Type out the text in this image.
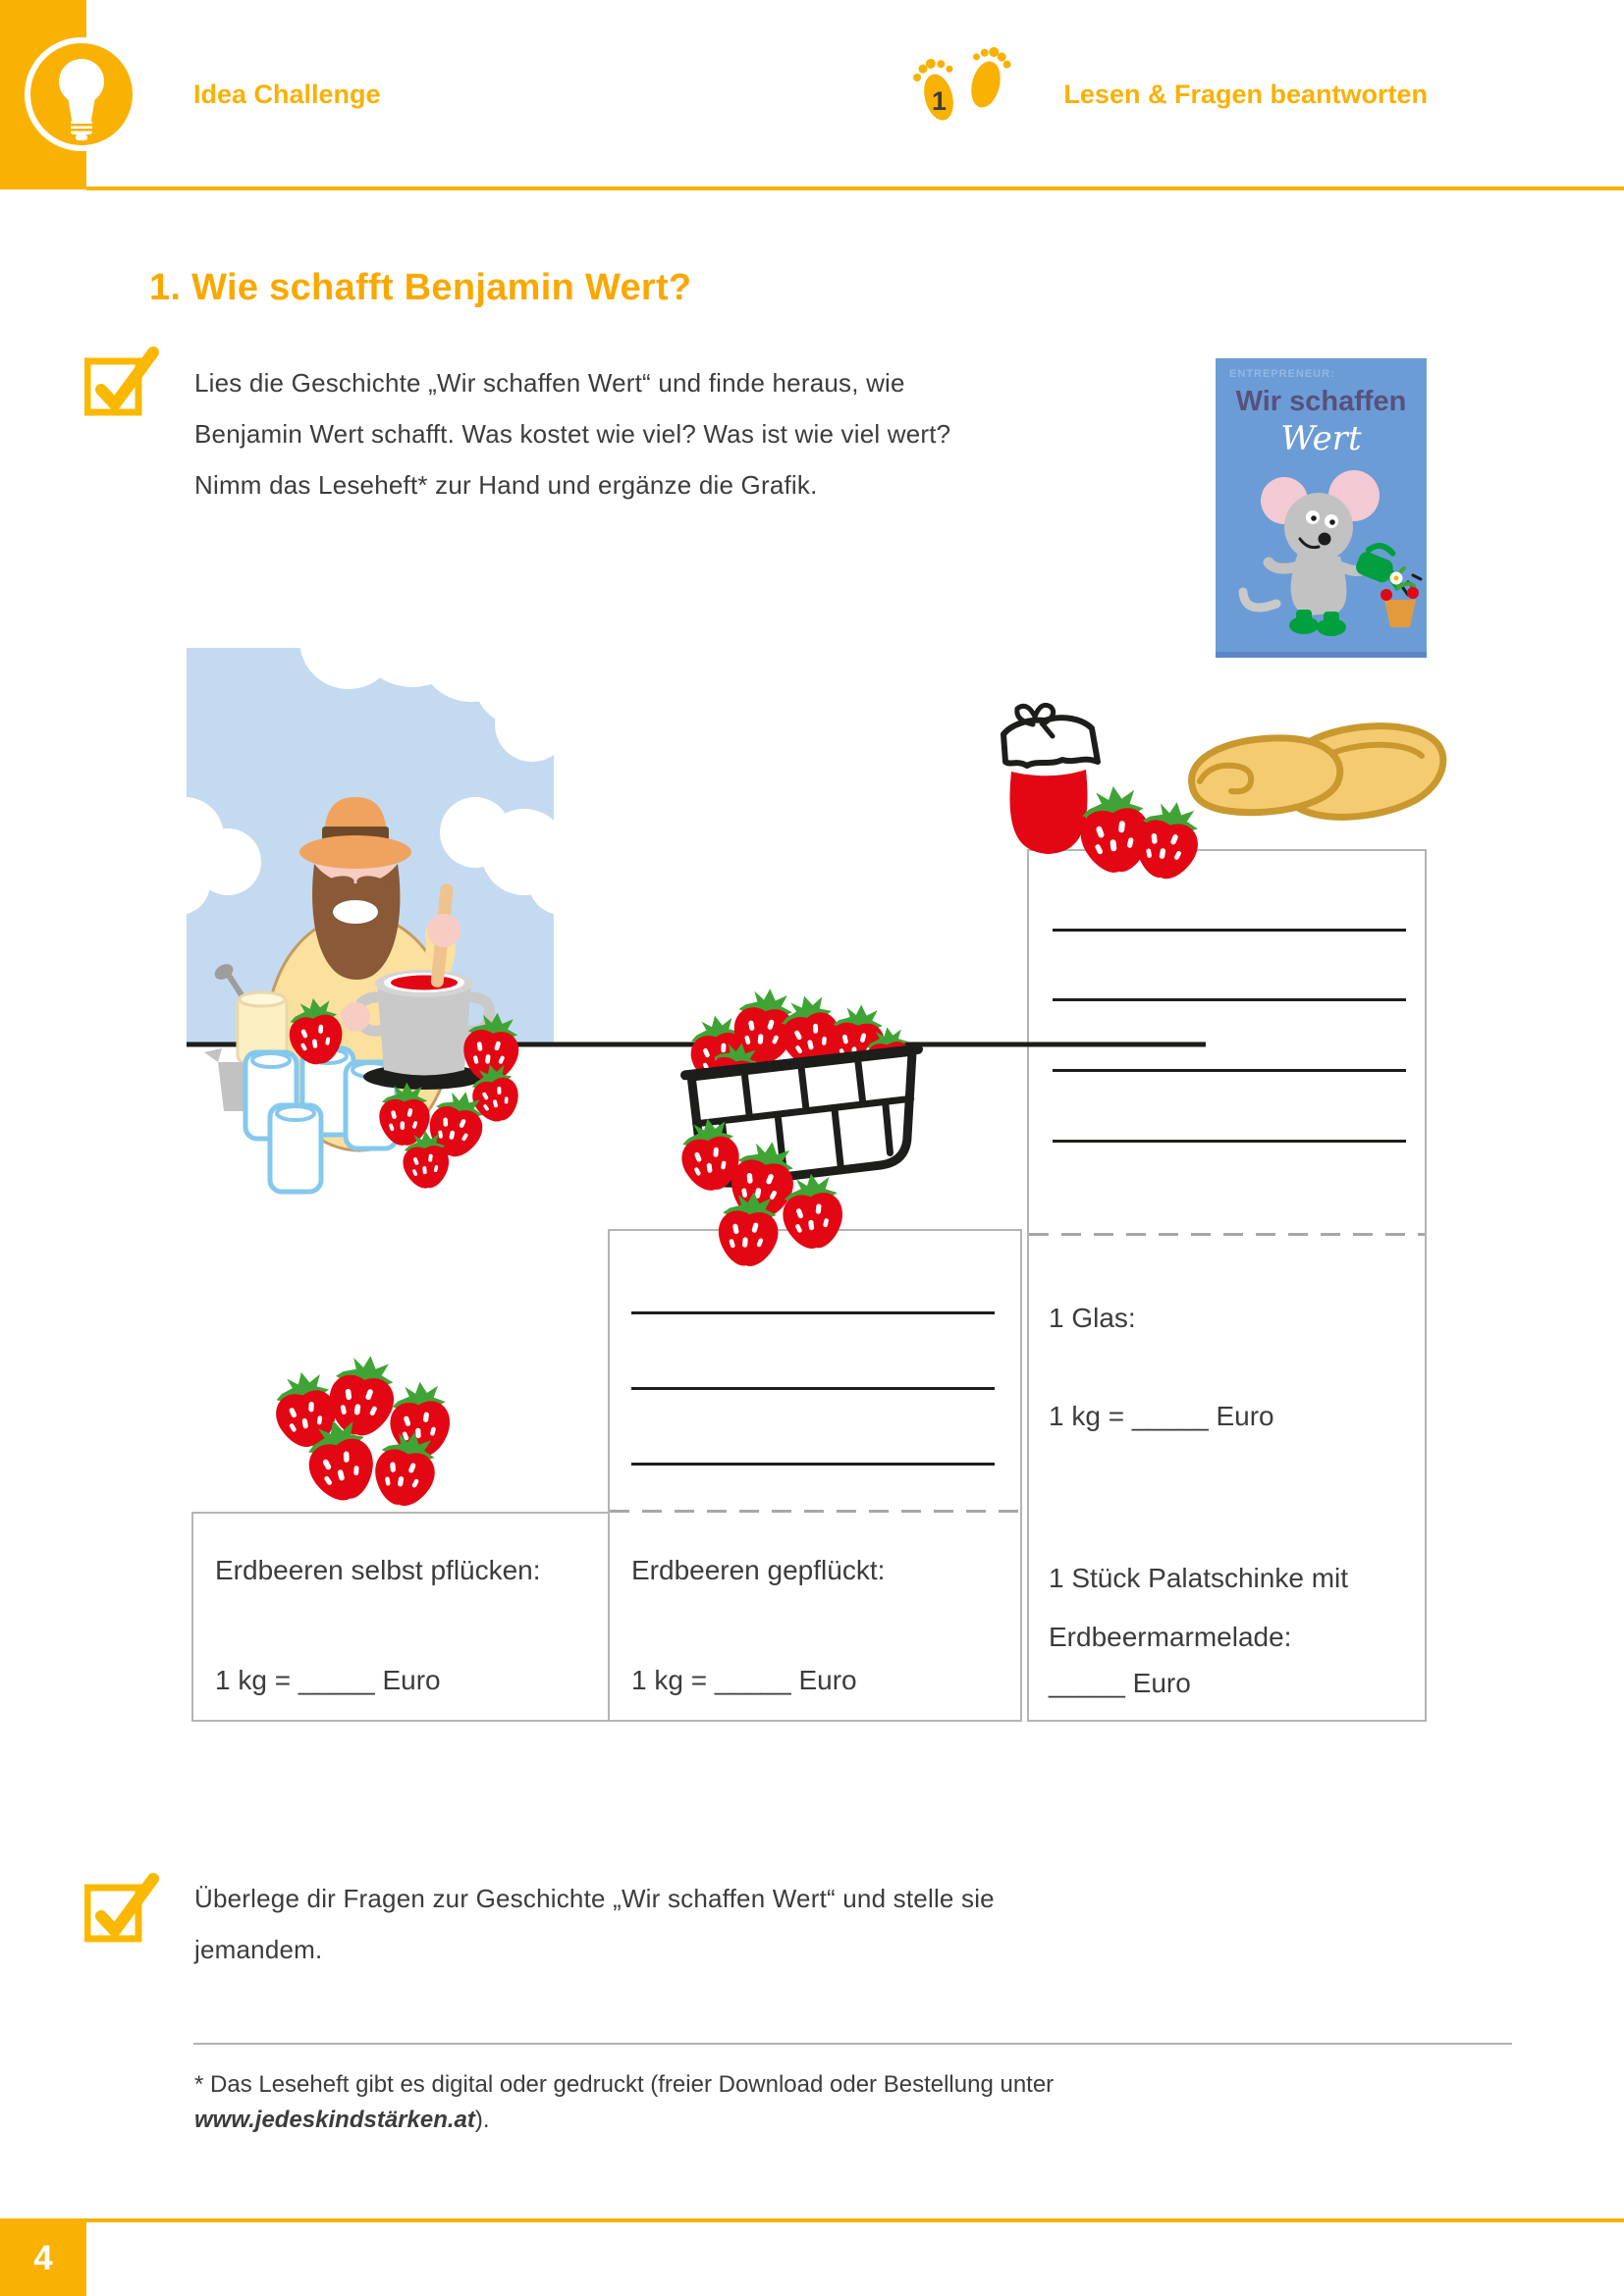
Idea Challenge	1	Lesen & Fragen beantworten
1. Wie schafft Benjamin Wert?
Lies die Geschichte „Wir schaffen Wert“ und finde heraus, wie
Benjamin Wert schafft. Was kostet wie viel? Was ist wie viel wert?
Nimm das Leseheft* zur Hand und ergänze die Grafik.
ENTREPRENEUR:
Wir schaffen
Wert
Erdbeeren selbst pflücken:
1 kg = _____ Euro
Erdbeeren gepflückt:
1 kg = _____ Euro
1 Glas:
1 kg = _____ Euro
1 Stück Palatschinke mit
Erdbeermarmelade:
_____ Euro
Überlege dir Fragen zur Geschichte „Wir schaffen Wert“ und stelle sie
jemandem.
* Das Leseheft gibt es digital oder gedruckt (freier Download oder Bestellung unter
www.jedeskindstärken.at).
4
